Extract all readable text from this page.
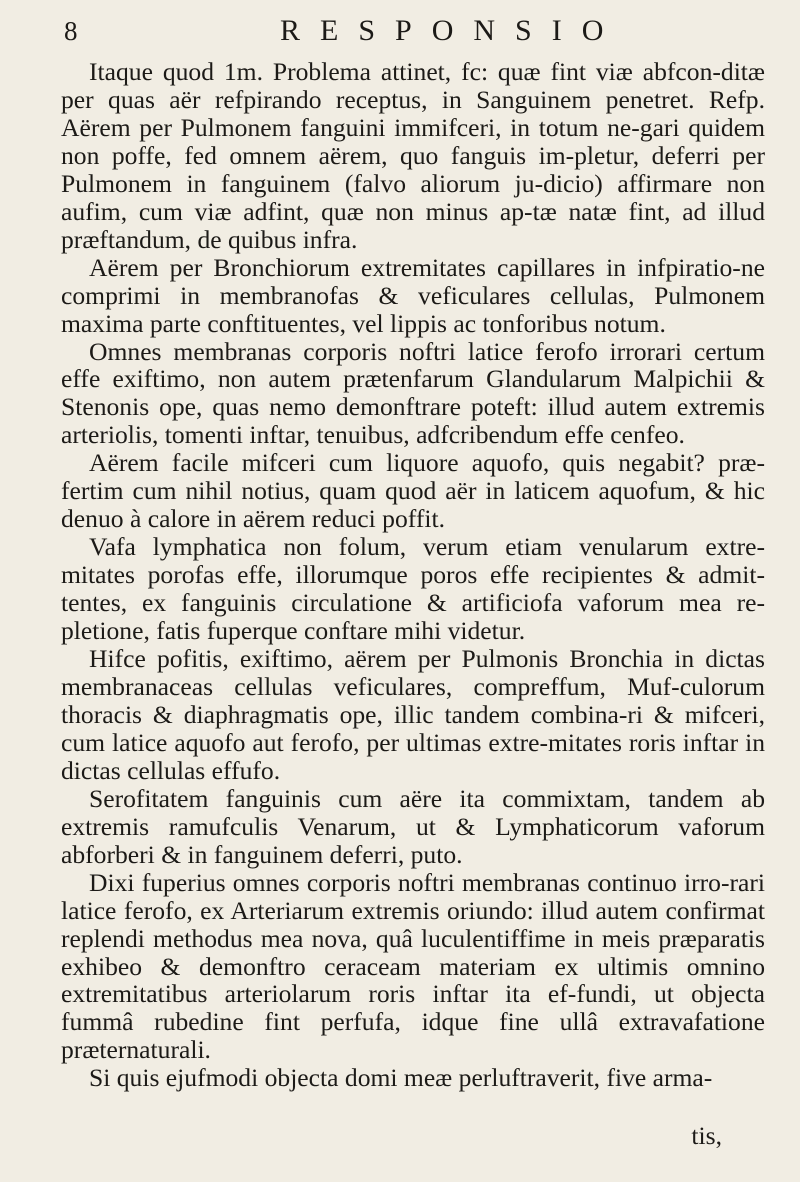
8	RESPONSIO

Itaque quod 1m. Problema attinet, fc: quæ fint viæ abfcon-ditæ per quas aër refpirando receptus, in Sanguinem penetret. Refp. Aërem per Pulmonem fanguini immifceri, in totum ne-gari quidem non poffe, fed omnem aërem, quo fanguis im-pletur, deferri per Pulmonem in fanguinem (falvo aliorum ju-dicio) affirmare non aufim, cum viæ adfint, quæ non minus ap-tæ natæ fint, ad illud præftandum, de quibus infra.

Aërem per Bronchiorum extremitates capillares in infpiratio-ne comprimi in membranofas & veficulares cellulas, Pulmonem maxima parte conftituentes, vel lippis ac tonforibus notum.

Omnes membranas corporis noftri latice ferofo irrorari certum effe exiftimo, non autem prætenfarum Glandularum Malpichii & Stenonis ope, quas nemo demonftrare poteft: illud autem extremis arteriolis, tomenti inftar, tenuibus, adfcribendum effe cenfeo.

Aërem facile mifceri cum liquore aquofo, quis negabit? præ-fertim cum nihil notius, quam quod aër in laticem aquofum, & hic denuo à calore in aërem reduci poffit.

Vafa lymphatica non folum, verum etiam venularum extre-mitates porofas effe, illorumque poros effe recipientes & admit-tentes, ex fanguinis circulatione & artificiofa vaforum mea re-pletione, fatis fuperque conftare mihi videtur.

Hifce pofitis, exiftimo, aërem per Pulmonis Bronchia in dictas membranaceas cellulas veficulares, compreffum, Muf-culorum thoracis & diaphragmatis ope, illic tandem combina-ri & mifceri, cum latice aquofo aut ferofo, per ultimas extre-mitates roris inftar in dictas cellulas effufo.

Serofitatem fanguinis cum aëre ita commixtam, tandem ab extremis ramufculis Venarum, ut & Lymphaticorum vaforum abforberi & in fanguinem deferri, puto.

Dixi fuperius omnes corporis noftri membranas continuo irro-rari latice ferofo, ex Arteriarum extremis oriundo: illud autem confirmat replendi methodus mea nova, quâ luculentiffime in meis præparatis exhibeo & demonftro ceraceam materiam ex ultimis omnino extremitatibus arteriolarum roris inftar ita ef-fundi, ut objecta fummâ rubedine fint perfufa, idque fine ullâ extravafatione præternaturali.

Si quis ejufmodi objecta domi meæ perluftraverit, five arma-

tis,
